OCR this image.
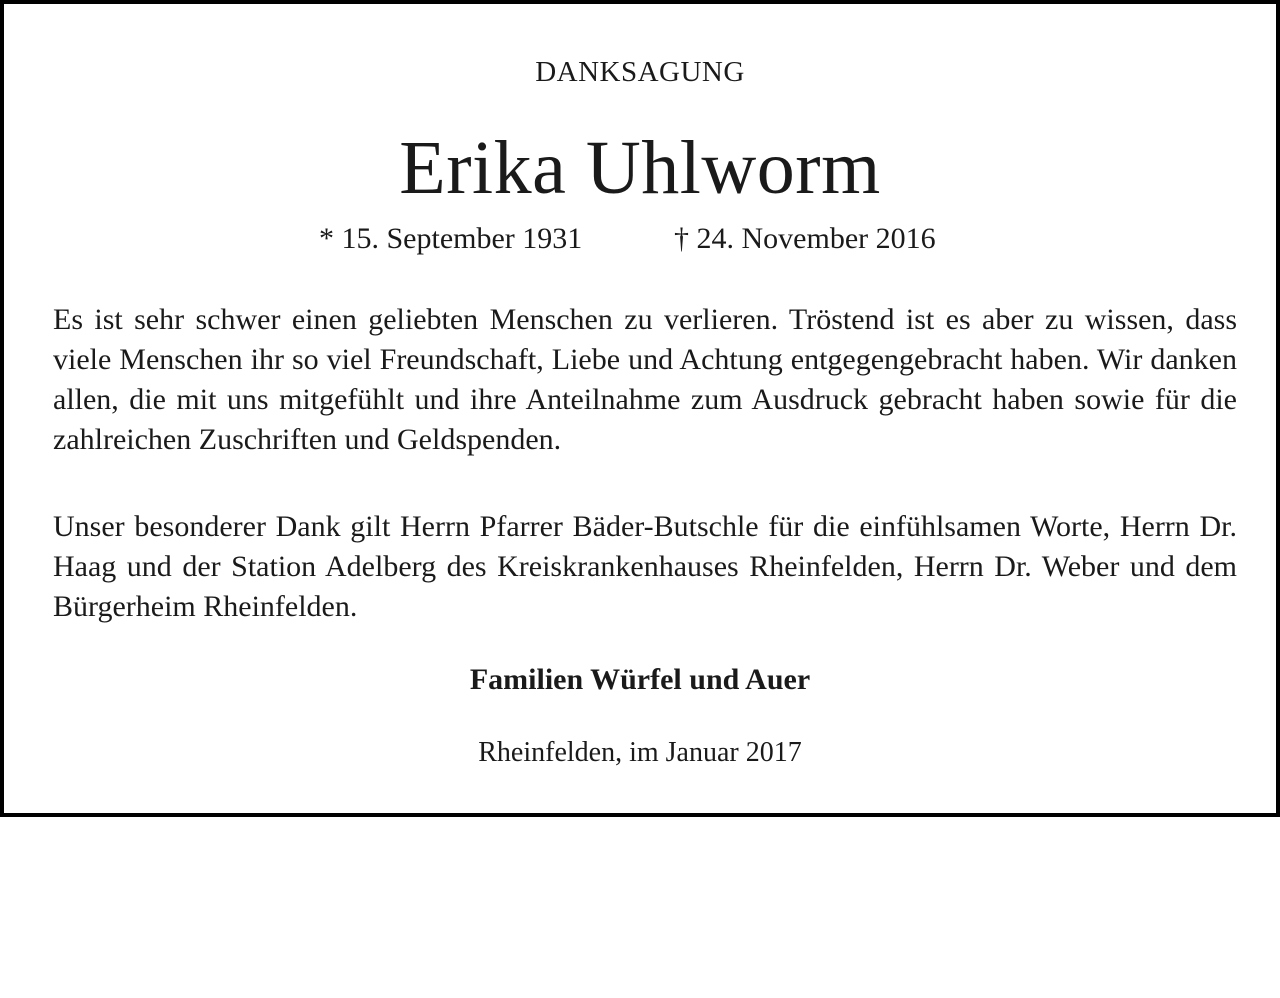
DANKSAGUNG
Erika Uhlworm
* 15. September 1931	† 24. November 2016

Es ist sehr schwer einen geliebten Menschen zu verlieren. Tröstend ist es aber zu wissen, dass viele Menschen ihr so viel Freundschaft, Liebe und Achtung entgegengebracht haben. Wir danken allen, die mit uns mitgefühlt und ihre Anteilnahme zum Ausdruck gebracht haben sowie für die zahlreichen Zuschriften und Geldspenden.

Unser besonderer Dank gilt Herrn Pfarrer Bäder-Butschle für die einfühlsamen Worte, Herrn Dr. Haag und der Station Adelberg des Kreiskrankenhauses Rheinfelden, Herrn Dr. Weber und dem Bürgerheim Rheinfelden.

Familien Würfel und Auer
Rheinfelden, im Januar 2017
